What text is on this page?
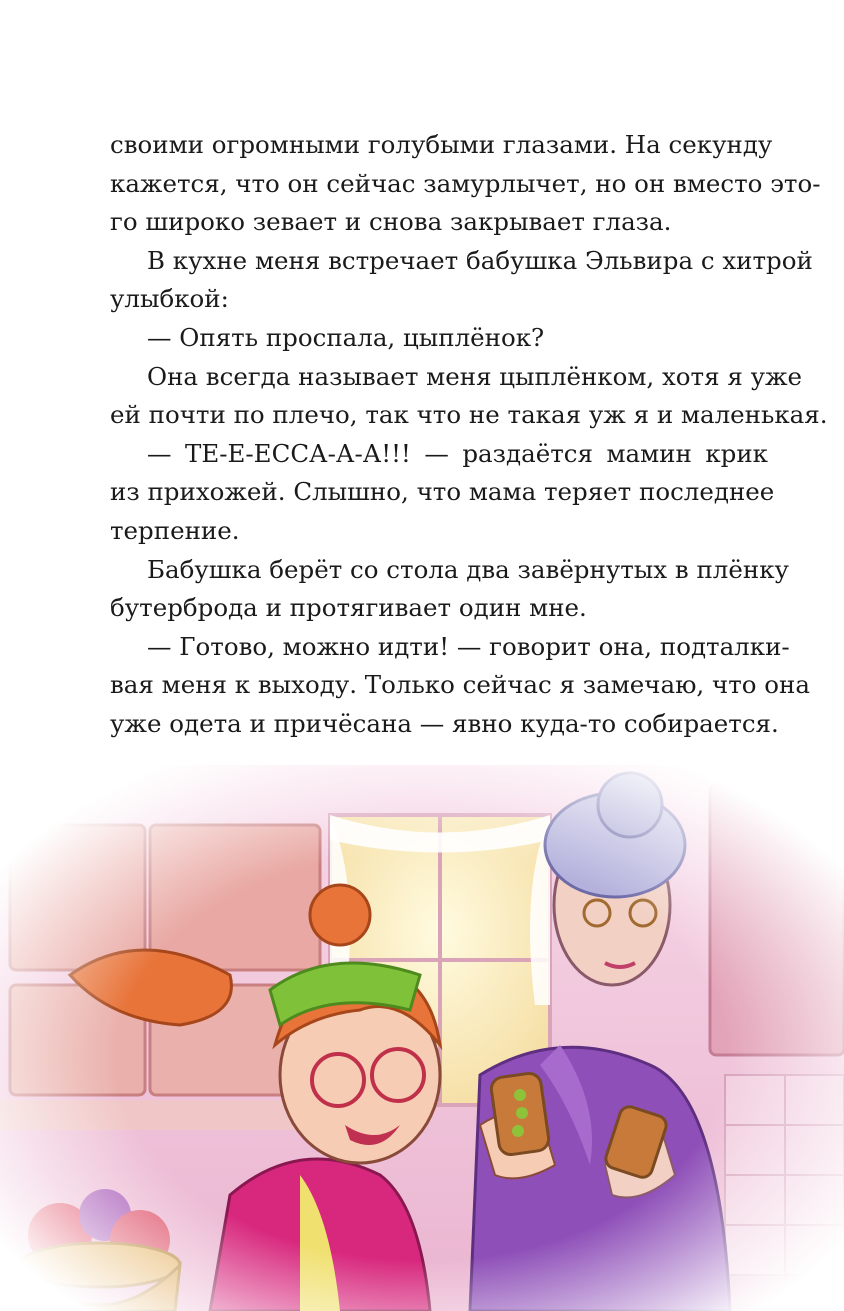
своими огромными голубыми глазами. На секунду
кажется, что он сейчас замурлычет, но он вместо это-
го широко зевает и снова закрывает глаза.
В кухне меня встречает бабушка Эльвира с хитрой
улыбкой:
— Опять проспала, цыплёнок?
Она всегда называет меня цыплёнком, хотя я уже
ей почти по плечо, так что не такая уж я и маленькая.
— ТЕ-Е-ЕССА-А-А!!! — раздаётся мамин крик
из прихожей. Слышно, что мама теряет последнее
терпение.
Бабушка берёт со стола два завёрнутых в плёнку
бутерброда и протягивает один мне.
— Готово, можно идти! — говорит она, подталки-
вая меня к выходу. Только сейчас я замечаю, что она
уже одета и причёсана — явно куда-то собирается.
